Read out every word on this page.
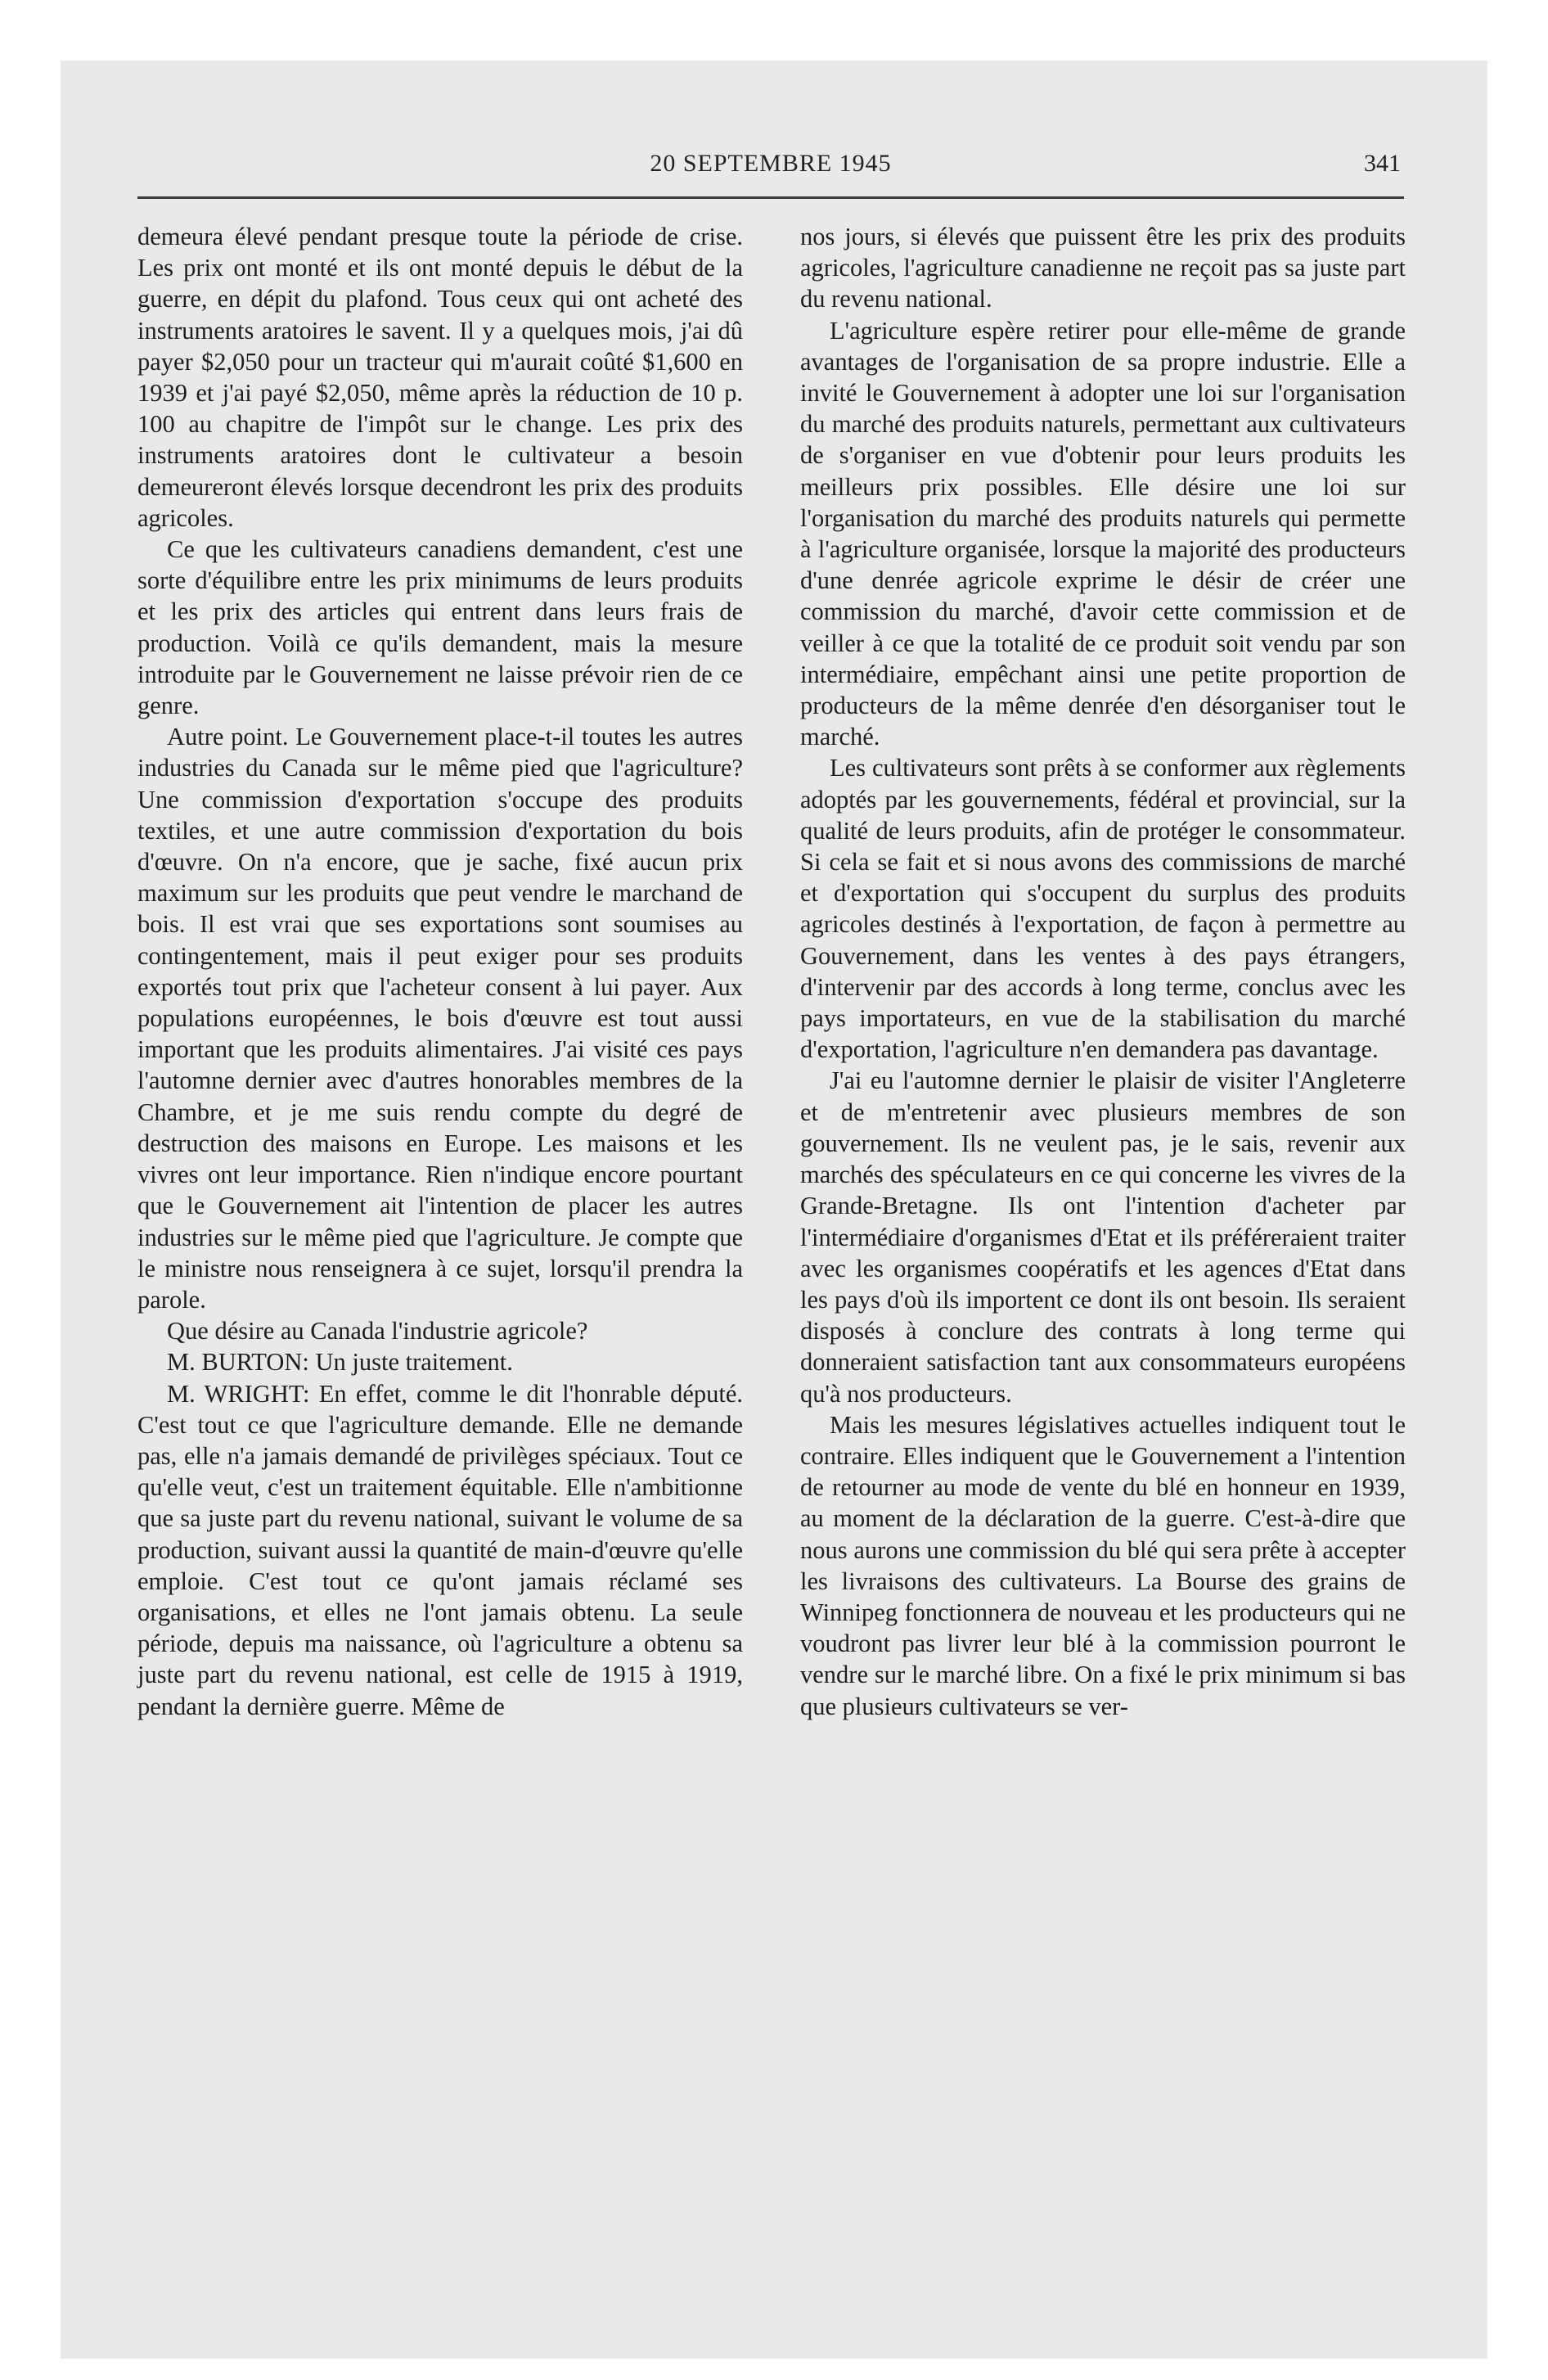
20 SEPTEMBRE 1945	341

demeura élevé pendant presque toute la période de crise. Les prix ont monté et ils ont monté depuis le début de la guerre, en dépit du plafond. Tous ceux qui ont acheté des instruments aratoires le savent. Il y a quelques mois, j'ai dû payer $2,050 pour un tracteur qui m'aurait coûté $1,600 en 1939 et j'ai payé $2,050, même après la réduction de 10 p. 100 au chapitre de l'impôt sur le change. Les prix des instruments aratoires dont le cultivateur a besoin demeureront élevés lorsque decendront les prix des produits agricoles.

Ce que les cultivateurs canadiens demandent, c'est une sorte d'équilibre entre les prix minimums de leurs produits et les prix des articles qui entrent dans leurs frais de production. Voilà ce qu'ils demandent, mais la mesure introduite par le Gouvernement ne laisse prévoir rien de ce genre.

Autre point. Le Gouvernement place-t-il toutes les autres industries du Canada sur le même pied que l'agriculture? Une commission d'exportation s'occupe des produits textiles, et une autre commission d'exportation du bois d'œuvre. On n'a encore, que je sache, fixé aucun prix maximum sur les produits que peut vendre le marchand de bois. Il est vrai que ses exportations sont soumises au contingentement, mais il peut exiger pour ses produits exportés tout prix que l'acheteur consent à lui payer. Aux populations européennes, le bois d'œuvre est tout aussi important que les produits alimentaires. J'ai visité ces pays l'automne dernier avec d'autres honorables membres de la Chambre, et je me suis rendu compte du degré de destruction des maisons en Europe. Les maisons et les vivres ont leur importance. Rien n'indique encore pourtant que le Gouvernement ait l'intention de placer les autres industries sur le même pied que l'agriculture. Je compte que le ministre nous renseignera à ce sujet, lorsqu'il prendra la parole.

Que désire au Canada l'industrie agricole?

M. BURTON: Un juste traitement.

M. WRIGHT: En effet, comme le dit l'honrable député. C'est tout ce que l'agriculture demande. Elle ne demande pas, elle n'a jamais demandé de privilèges spéciaux. Tout ce qu'elle veut, c'est un traitement équitable. Elle n'ambitionne que sa juste part du revenu national, suivant le volume de sa production, suivant aussi la quantité de main-d'œuvre qu'elle emploie. C'est tout ce qu'ont jamais réclamé ses organisations, et elles ne l'ont jamais obtenu. La seule période, depuis ma naissance, où l'agriculture a obtenu sa juste part du revenu national, est celle de 1915 à 1919, pendant la dernière guerre. Même de

nos jours, si élevés que puissent être les prix des produits agricoles, l'agriculture canadienne ne reçoit pas sa juste part du revenu national.

L'agriculture espère retirer pour elle-même de grande avantages de l'organisation de sa propre industrie. Elle a invité le Gouvernement à adopter une loi sur l'organisation du marché des produits naturels, permettant aux cultivateurs de s'organiser en vue d'obtenir pour leurs produits les meilleurs prix possibles. Elle désire une loi sur l'organisation du marché des produits naturels qui permette à l'agriculture organisée, lorsque la majorité des producteurs d'une denrée agricole exprime le désir de créer une commission du marché, d'avoir cette commission et de veiller à ce que la totalité de ce produit soit vendu par son intermédiaire, empêchant ainsi une petite proportion de producteurs de la même denrée d'en désorganiser tout le marché.

Les cultivateurs sont prêts à se conformer aux règlements adoptés par les gouvernements, fédéral et provincial, sur la qualité de leurs produits, afin de protéger le consommateur. Si cela se fait et si nous avons des commissions de marché et d'exportation qui s'occupent du surplus des produits agricoles destinés à l'exportation, de façon à permettre au Gouvernement, dans les ventes à des pays étrangers, d'intervenir par des accords à long terme, conclus avec les pays importateurs, en vue de la stabilisation du marché d'exportation, l'agriculture n'en demandera pas davantage.

J'ai eu l'automne dernier le plaisir de visiter l'Angleterre et de m'entretenir avec plusieurs membres de son gouvernement. Ils ne veulent pas, je le sais, revenir aux marchés des spéculateurs en ce qui concerne les vivres de la Grande-Bretagne. Ils ont l'intention d'acheter par l'intermédiaire d'organismes d'Etat et ils préféreraient traiter avec les organismes coopératifs et les agences d'Etat dans les pays d'où ils importent ce dont ils ont besoin. Ils seraient disposés à conclure des contrats à long terme qui donneraient satisfaction tant aux consommateurs européens qu'à nos producteurs.

Mais les mesures législatives actuelles indiquent tout le contraire. Elles indiquent que le Gouvernement a l'intention de retourner au mode de vente du blé en honneur en 1939, au moment de la déclaration de la guerre. C'est-à-dire que nous aurons une commission du blé qui sera prête à accepter les livraisons des cultivateurs. La Bourse des grains de Winnipeg fonctionnera de nouveau et les producteurs qui ne voudront pas livrer leur blé à la commission pourront le vendre sur le marché libre. On a fixé le prix minimum si bas que plusieurs cultivateurs se ver-
